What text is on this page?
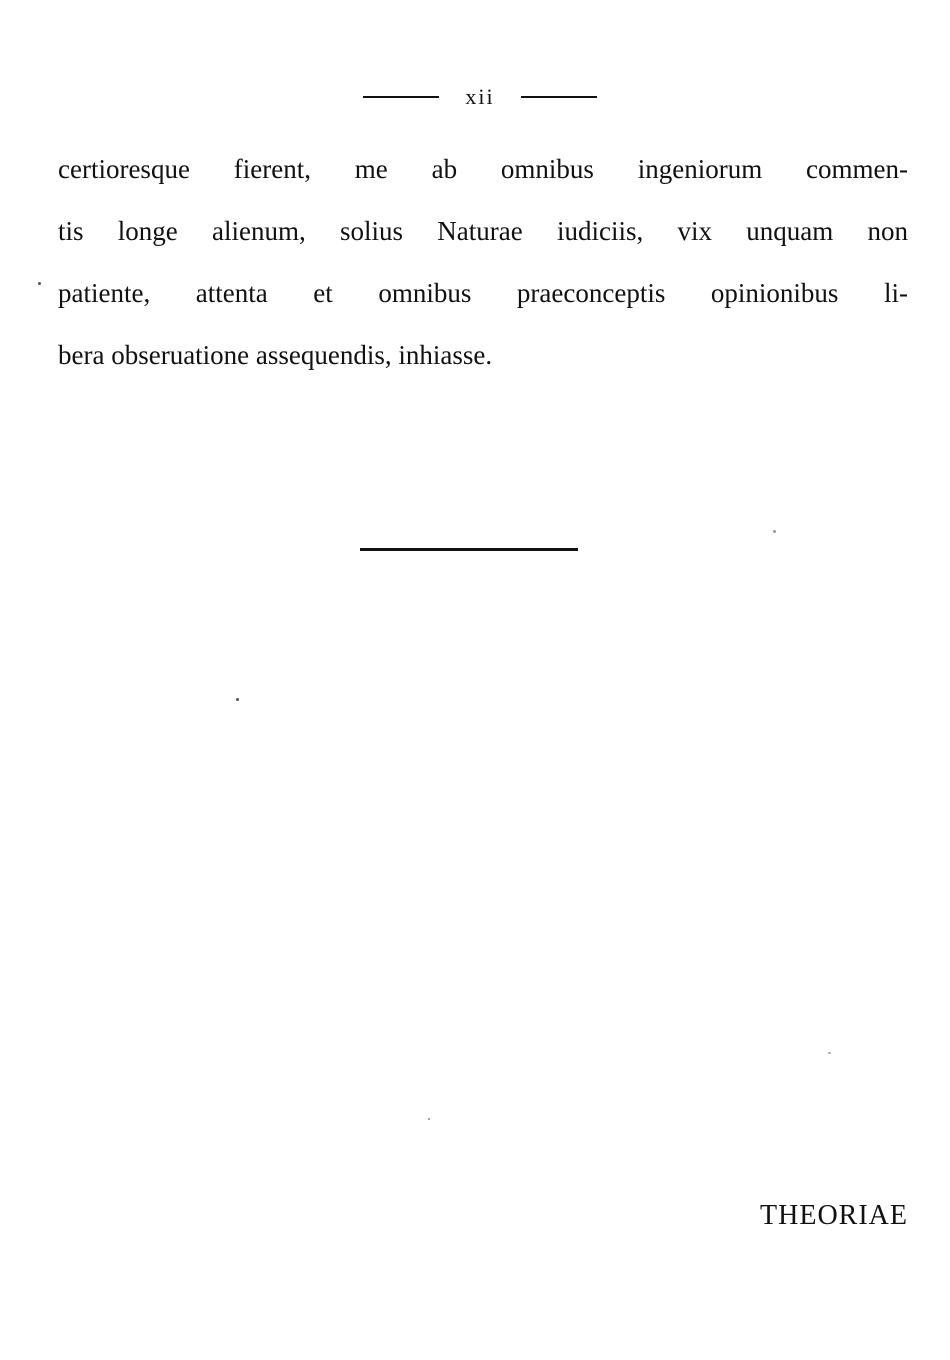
xii
certioresque fierent, me ab omnibus ingeniorum commen-
tis longe alienum, solius Naturae iudiciis, vix unquam non
patiente, attenta et omnibus praeconceptis opinionibus li-
bera obseruatione assequendis, inhiasse.
THEORIAE
